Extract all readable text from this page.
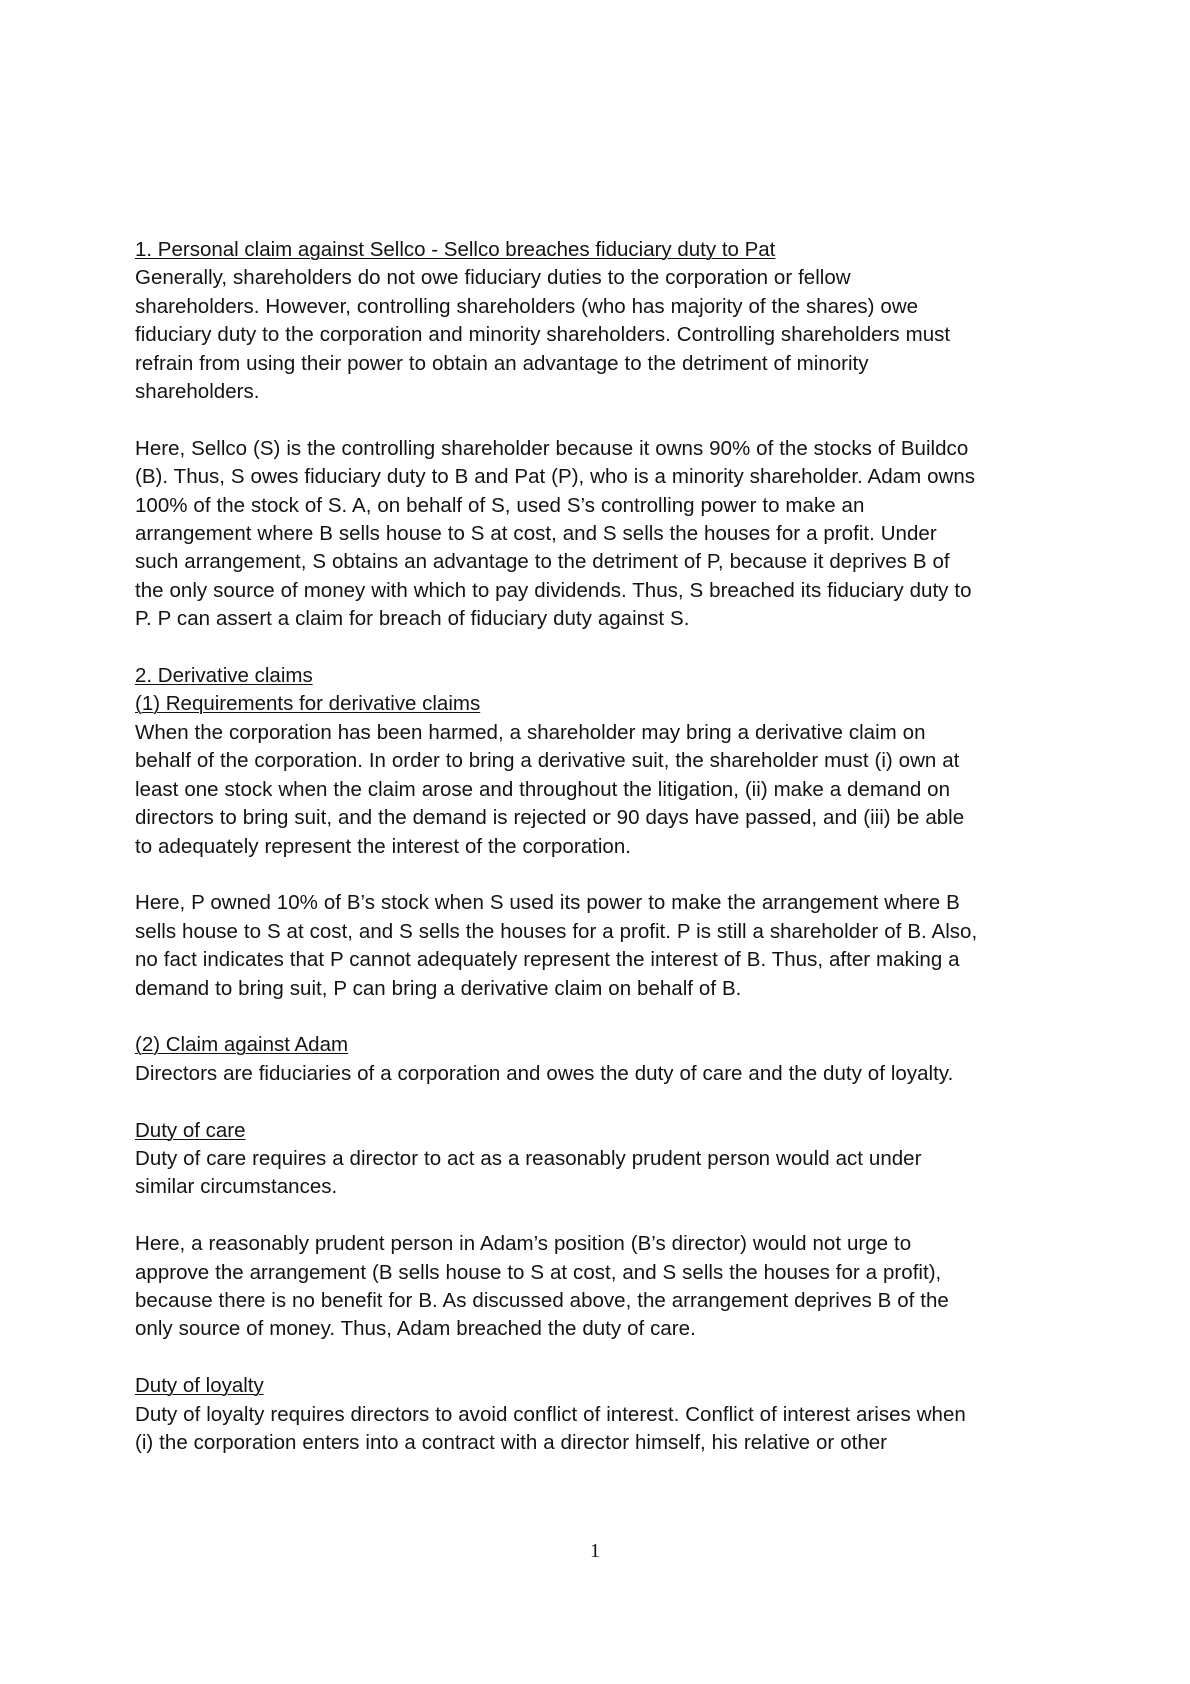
1. Personal claim against Sellco - Sellco breaches fiduciary duty to Pat

Generally, shareholders do not owe fiduciary duties to the corporation or fellow shareholders. However, controlling shareholders (who has majority of the shares) owe fiduciary duty to the corporation and minority shareholders. Controlling shareholders must refrain from using their power to obtain an advantage to the detriment of minority shareholders.

Here, Sellco (S) is the controlling shareholder because it owns 90% of the stocks of Buildco (B). Thus, S owes fiduciary duty to B and Pat (P), who is a minority shareholder. Adam owns 100% of the stock of S. A, on behalf of S, used S’s controlling power to make an arrangement where B sells house to S at cost, and S sells the houses for a profit. Under such arrangement, S obtains an advantage to the detriment of P, because it deprives B of the only source of money with which to pay dividends. Thus, S breached its fiduciary duty to P. P can assert a claim for breach of fiduciary duty against S.

2. Derivative claims
(1) Requirements for derivative claims

When the corporation has been harmed, a shareholder may bring a derivative claim on behalf of the corporation. In order to bring a derivative suit, the shareholder must (i) own at least one stock when the claim arose and throughout the litigation, (ii) make a demand on directors to bring suit, and the demand is rejected or 90 days have passed, and (iii) be able to adequately represent the interest of the corporation.

Here, P owned 10% of B’s stock when S used its power to make the arrangement where B sells house to S at cost, and S sells the houses for a profit. P is still a shareholder of B. Also, no fact indicates that P cannot adequately represent the interest of B. Thus, after making a demand to bring suit, P can bring a derivative claim on behalf of B.

(2) Claim against Adam

Directors are fiduciaries of a corporation and owes the duty of care and the duty of loyalty.

Duty of care

Duty of care requires a director to act as a reasonably prudent person would act under similar circumstances.

Here, a reasonably prudent person in Adam’s position (B’s director) would not urge to approve the arrangement (B sells house to S at cost, and S sells the houses for a profit), because there is no benefit for B. As discussed above, the arrangement deprives B of the only source of money. Thus, Adam breached the duty of care.

Duty of loyalty

Duty of loyalty requires directors to avoid conflict of interest. Conflict of interest arises when (i) the corporation enters into a contract with a director himself, his relative or other

1
